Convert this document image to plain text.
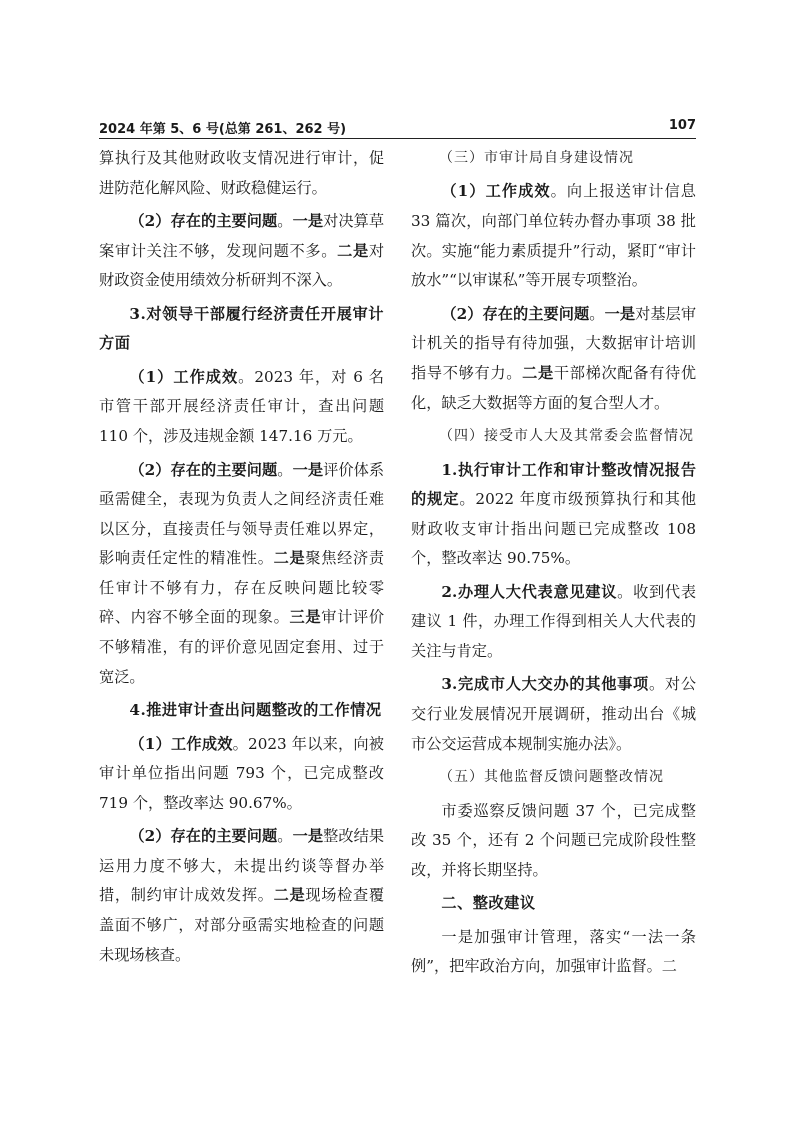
2024 年第 5、6 号(总第 261、262 号)	107

算执行及其他财政收支情况进行审计，促进防范化解风险、财政稳健运行。

（2）存在的主要问题。一是对决算草案审计关注不够，发现问题不多。二是对财政资金使用绩效分析研判不深入。

3.对领导干部履行经济责任开展审计方面

（1）工作成效。2023 年，对 6 名市管干部开展经济责任审计，查出问题 110 个，涉及违规金额 147.16 万元。

（2）存在的主要问题。一是评价体系亟需健全，表现为负责人之间经济责任难以区分，直接责任与领导责任难以界定，影响责任定性的精准性。二是聚焦经济责任审计不够有力，存在反映问题比较零碎、内容不够全面的现象。三是审计评价不够精准，有的评价意见固定套用、过于宽泛。

4.推进审计查出问题整改的工作情况

（1）工作成效。2023 年以来，向被审计单位指出问题 793 个，已完成整改 719 个，整改率达 90.67%。

（2）存在的主要问题。一是整改结果运用力度不够大，未提出约谈等督办举措，制约审计成效发挥。二是现场检查覆盖面不够广，对部分亟需实地检查的问题未现场核查。

（三）市审计局自身建设情况

（1）工作成效。向上报送审计信息 33 篇次，向部门单位转办督办事项 38 批次。实施“能力素质提升”行动，紧盯“审计放水”“以审谋私”等开展专项整治。

（2）存在的主要问题。一是对基层审计机关的指导有待加强，大数据审计培训指导不够有力。二是干部梯次配备有待优化，缺乏大数据等方面的复合型人才。

（四）接受市人大及其常委会监督情况

1.执行审计工作和审计整改情况报告的规定。2022 年度市级预算执行和其他财政收支审计指出问题已完成整改 108 个，整改率达 90.75%。

2.办理人大代表意见建议。收到代表建议 1 件，办理工作得到相关人大代表的关注与肯定。

3.完成市人大交办的其他事项。对公交行业发展情况开展调研，推动出台《城市公交运营成本规制实施办法》。

（五）其他监督反馈问题整改情况

市委巡察反馈问题 37 个，已完成整改 35 个，还有 2 个问题已完成阶段性整改，并将长期坚持。

二、整改建议

一是加强审计管理，落实“一法一条例”，把牢政治方向，加强审计监督。二
